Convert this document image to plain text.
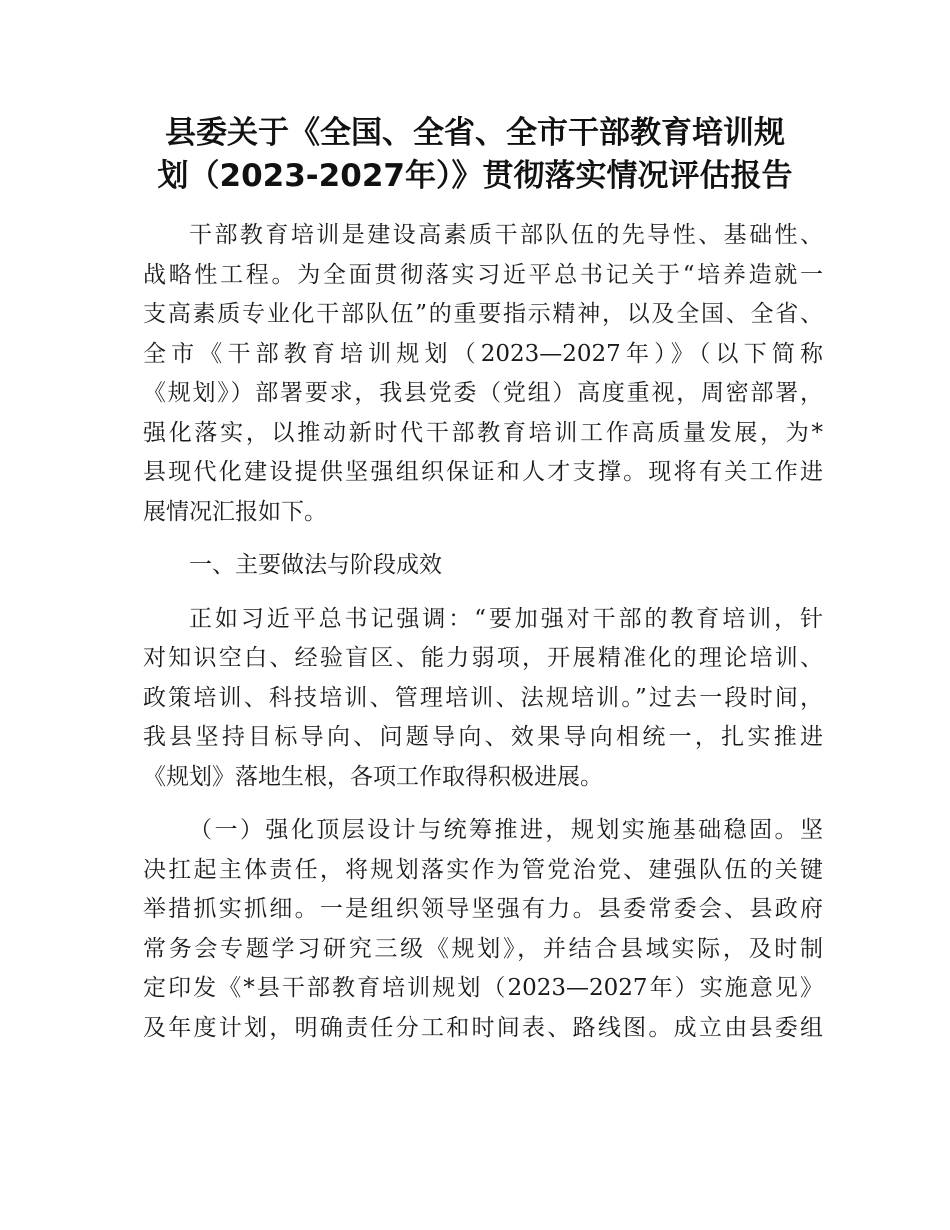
县委关于《全国、全省、全市干部教育培训规
划（2023-2027年）》贯彻落实情况评估报告
干部教育培训是建设高素质干部队伍的先导性、基础性、
战略性工程。为全面贯彻落实习近平总书记关于“培养造就一
支高素质专业化干部队伍”的重要指示精神，以及全国、全省、
全市《干部教育培训规划（2023—2027年）》（以下简称
《规划》）部署要求，我县党委（党组）高度重视，周密部署，
强化落实，以推动新时代干部教育培训工作高质量发展，为*
县现代化建设提供坚强组织保证和人才支撑。现将有关工作进
展情况汇报如下。
一、主要做法与阶段成效
正如习近平总书记强调：“要加强对干部的教育培训，针
对知识空白、经验盲区、能力弱项，开展精准化的理论培训、
政策培训、科技培训、管理培训、法规培训。”过去一段时间，
我县坚持目标导向、问题导向、效果导向相统一，扎实推进
《规划》落地生根，各项工作取得积极进展。
（一）强化顶层设计与统筹推进，规划实施基础稳固。坚
决扛起主体责任，将规划落实作为管党治党、建强队伍的关键
举措抓实抓细。一是组织领导坚强有力。县委常委会、县政府
常务会专题学习研究三级《规划》，并结合县域实际，及时制
定印发《*县干部教育培训规划（2023—2027年）实施意见》
及年度计划，明确责任分工和时间表、路线图。成立由县委组
